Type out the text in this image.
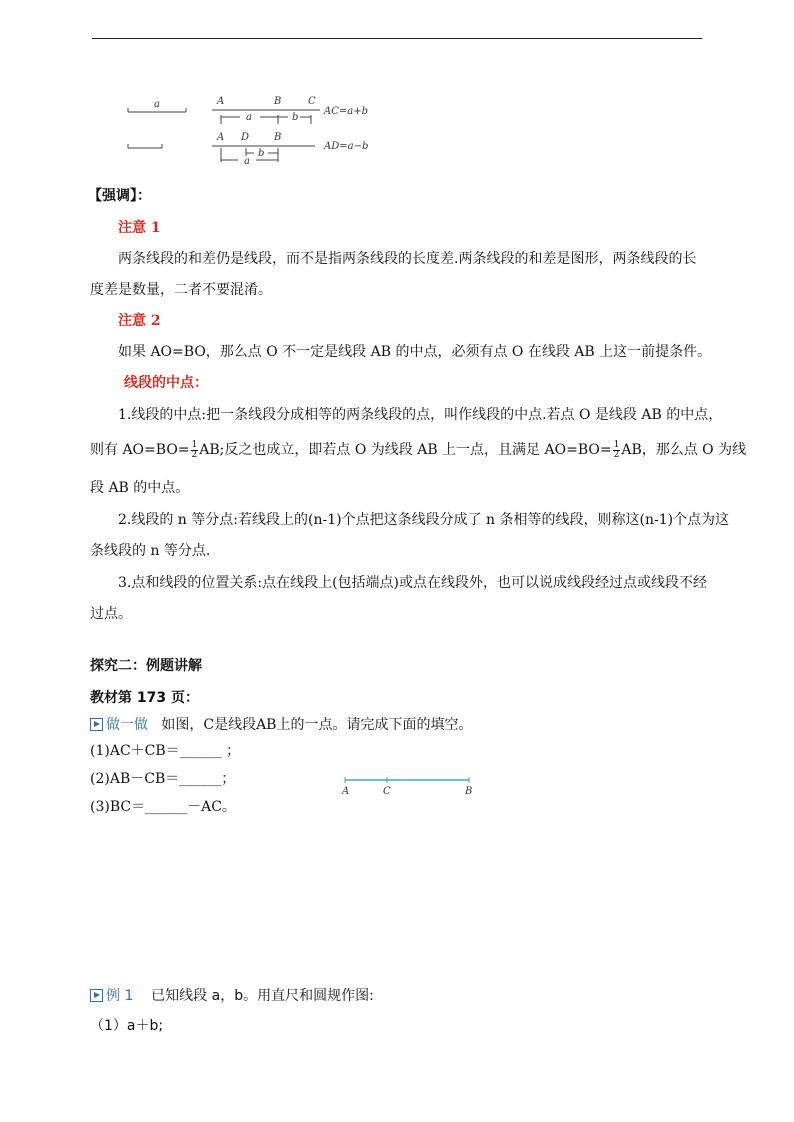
a	A	B	C
a	b
AC=a+b
A D B
b
a
AD=a−b
【强调】：
注意 1
两条线段的和差仍是线段，而不是指两条线段的长度差.两条线段的和差是图形，两条线段的长
度差是数量，二者不要混淆。
注意 2
如果 AO=BO，那么点 O 不一定是线段 AB 的中点，必须有点 O 在线段 AB 上这一前提条件。
线段的中点：
1.线段的中点:把一条线段分成相等的两条线段的点，叫作线段的中点.若点 O 是线段 AB 的中点，
则有 $AO=BO= \frac{1}{2}$ AB;反之也成立，即若点 O 为线段 AB 上一点，且满足 $AO=BO= \frac{1}{2}$ AB，那么点 O 为线
段 AB 的中点。
2.线段的 n 等分点:若线段上的(n-1)个点把这条线段分成了 n 条相等的线段，则称这(n-1)个点为这
条线段的 n 等分点.
3.点和线段的位置关系:点在线段上(包括端点)或点在线段外，也可以说成线段经过点或线段不经
过点。
探究二：例题讲解
教材第 173 页：
做一做 如图，C是线段AB上的一点。请完成下面的填空。
(1)AC＋CB＝______ ；
(2)AB－CB＝______；
(3)BC＝______－AC。
A	C	B
例 1 已知线段 a，b。用直尺和圆规作图:
（1）a＋b;
